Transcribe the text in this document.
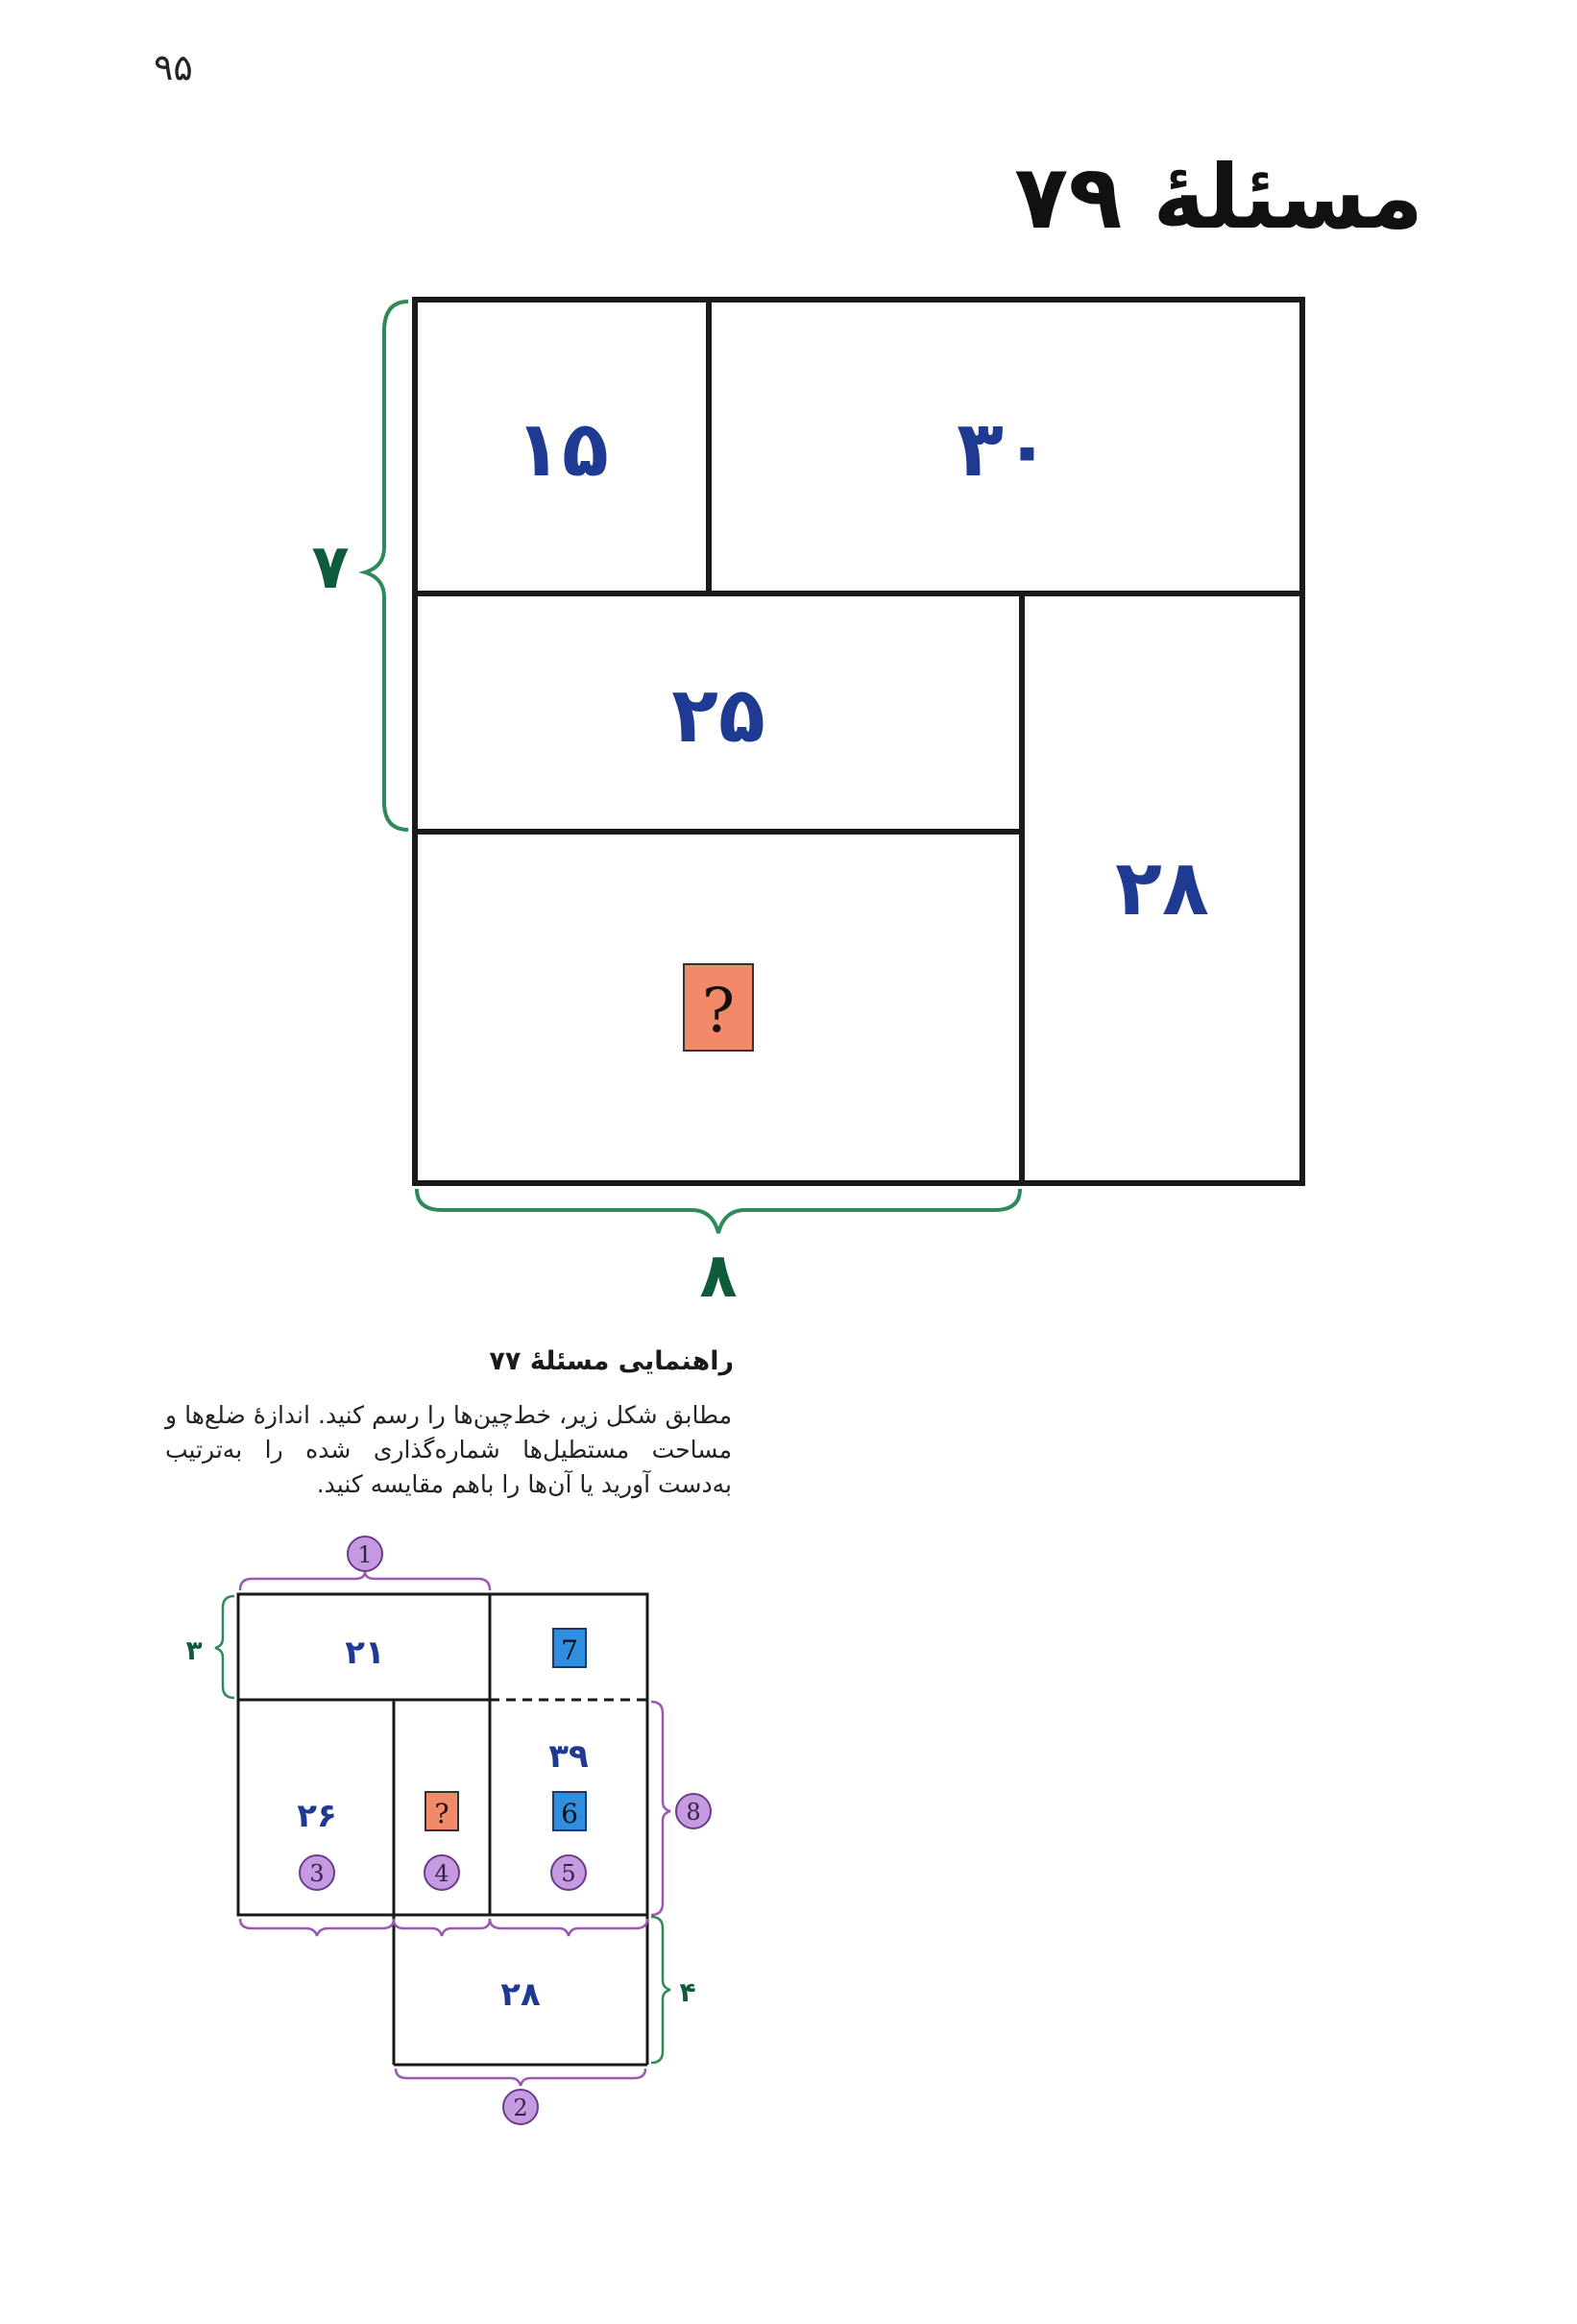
۹۵
مسئلهٔ ۷۹
۱۵	۳۰
۲۵
۲۸
?
۷
۸
۲۱
۲۶
۳۹
۲۸
7
?	6
۳
۴
1
2
3	4	5
8
راهنمایی مسئلهٔ ۷۷
مطابق شکل زیر، خط‌چین‌ها را رسم کنید. اندازهٔ ضلع‌ها و مساحت مستطیل‌ها شماره‌گذاری شده را به‌ترتیب به‌دست آورید یا آن‌ها را باهم مقایسه کنید.
